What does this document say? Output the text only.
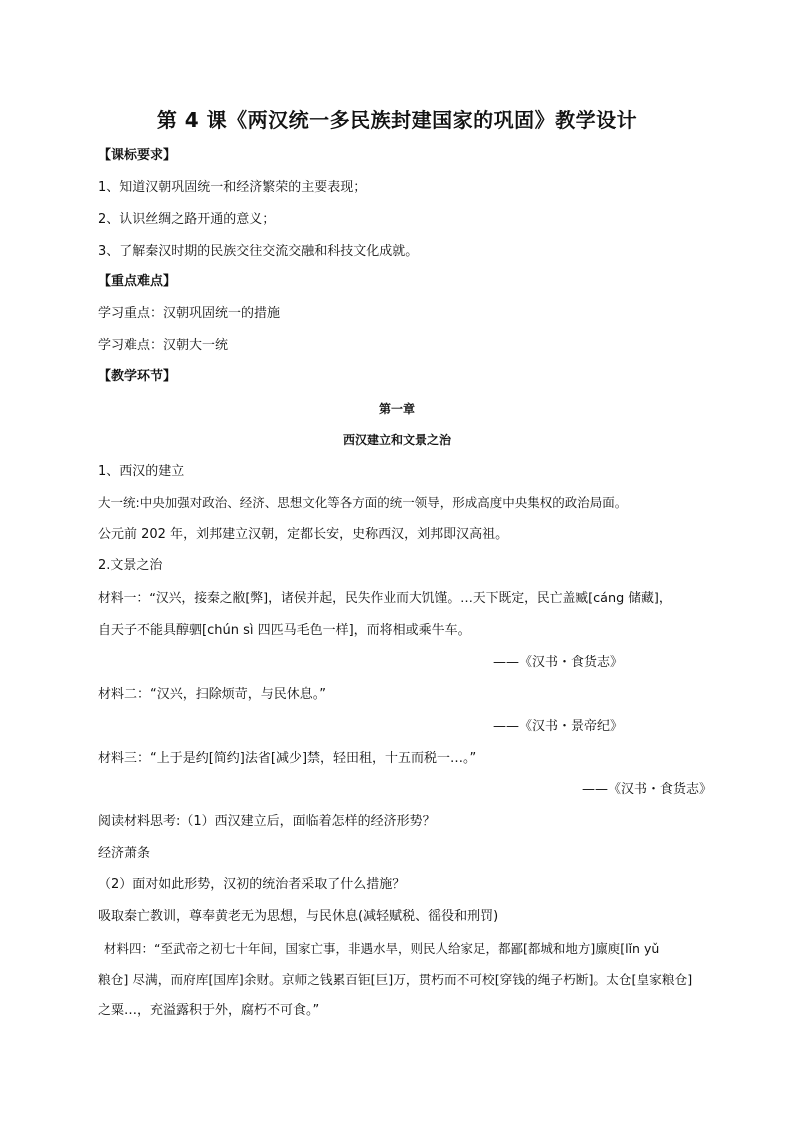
第 4 课《两汉统一多民族封建国家的巩固》教学设计
【课标要求】
1、知道汉朝巩固统一和经济繁荣的主要表现；
2、认识丝绸之路开通的意义；
3、了解秦汉时期的民族交往交流交融和科技文化成就。
【重点难点】
学习重点：汉朝巩固统一的措施
学习难点：汉朝大一统
【教学环节】
第一章
西汉建立和文景之治
1、西汉的建立
大一统:中央加强对政治、经济、思想文化等各方面的统一领导，形成高度中央集权的政治局面。
公元前 202 年，刘邦建立汉朝，定都长安，史称西汉，刘邦即汉高祖。
2.文景之治
材料一：“汉兴，接秦之敝[弊]，诸侯并起，民失作业而大饥馑。…天下既定，民亡盖臧[cáng 储藏]，
自天子不能具醇驷[chún sì 四匹马毛色一样]，而将相或乘牛车。
——《汉书・食货志》
材料二：“汉兴，扫除烦苛，与民休息。”
——《汉书・景帝纪》
材料三：“上于是约[简约]法省[减少]禁，轻田租，十五而税一…。”
——《汉书・食货志》
阅读材料思考:（1）西汉建立后，面临着怎样的经济形势？
经济萧条
（2）面对如此形势，汉初的统治者采取了什么措施？
吸取秦亡教训，尊奉黄老无为思想，与民休息(减轻赋税、徭役和刑罚)
材料四：“至武帝之初七十年间，国家亡事，非遇水旱，则民人给家足，都鄙[都城和地方]廪庾[lǐn yǔ
粮仓] 尽满，而府库[国库]余财。京师之钱累百钜[巨]万，贯朽而不可校[穿钱的绳子朽断]。太仓[皇家粮仓]
之粟…，充溢露积于外，腐朽不可食。”
